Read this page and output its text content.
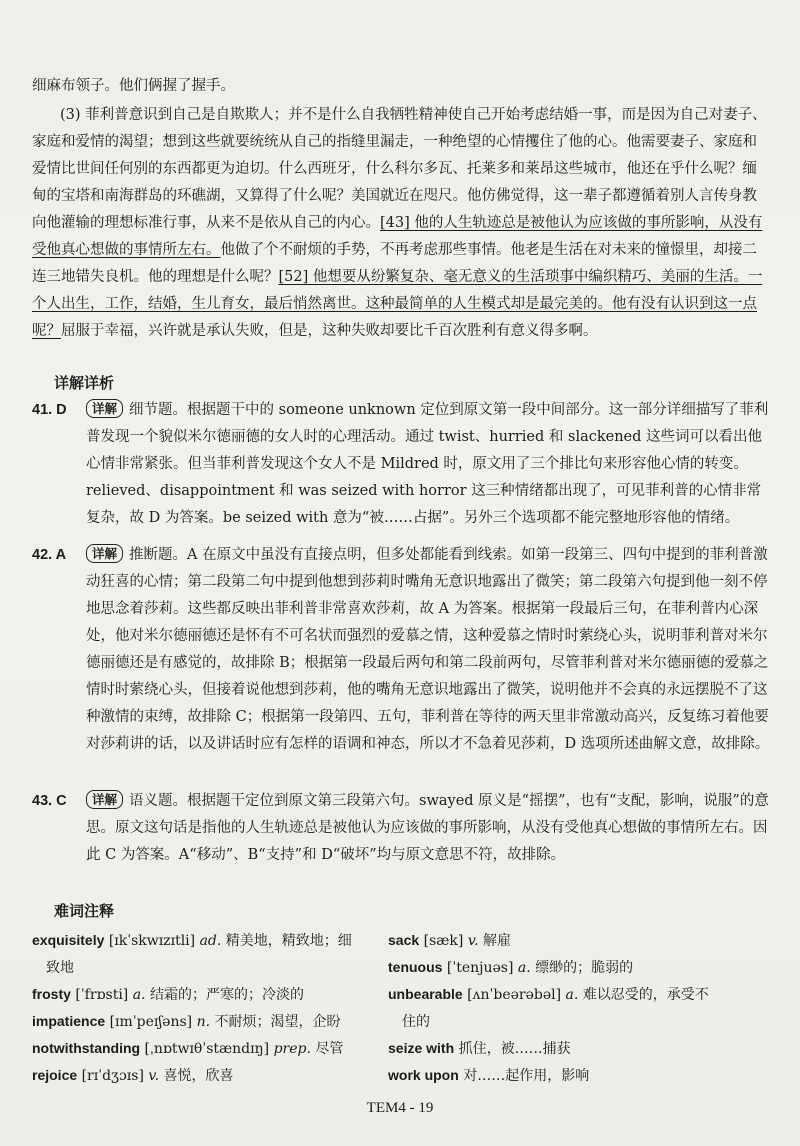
细麻布领子。他们俩握了握手。
(3) 菲利普意识到自己是自欺欺人；并不是什么自我牺牲精神使自己开始考虑结婚一事，而是因为自己对妻子、家庭和爱情的渴望；想到这些就要统统从自己的指缝里漏走，一种绝望的心情攫住了他的心。他需要妻子、家庭和爱情比世间任何别的东西都更为迫切。什么西班牙，什么科尔多瓦、托莱多和莱昂这些城市，他还在乎什么呢？缅甸的宝塔和南海群岛的环礁湖，又算得了什么呢？美国就近在咫尺。他仿佛觉得，这一辈子都遵循着别人言传身教向他灌输的理想标准行事，从来不是依从自己的内心。[43] 他的人生轨迹总是被他认为应该做的事所影响，从没有受他真心想做的事情所左右。他做了个不耐烦的手势，不再考虑那些事情。他老是生活在对未来的憧憬里，却接二连三地错失良机。他的理想是什么呢？[52] 他想要从纷繁复杂、毫无意义的生活琐事中编织精巧、美丽的生活。一个人出生，工作，结婚，生儿育女，最后悄然离世。这种最简单的人生模式却是最完美的。他有没有认识到这一点呢？屈服于幸福，兴许就是承认失败，但是，这种失败却要比千百次胜利有意义得多啊。
详解详析
41. D	详解 细节题。根据题干中的 someone unknown 定位到原文第一段中间部分。这一部分详细描写了菲利普发现一个貌似米尔德丽德的女人时的心理活动。通过 twist、hurried 和 slackened 这些词可以看出他心情非常紧张。但当菲利普发现这个女人不是 Mildred 时，原文用了三个排比句来形容他心情的转变。relieved、disappointment 和 was seized with horror 这三种情绪都出现了，可见菲利普的心情非常复杂，故 D 为答案。be seized with 意为“被……占据”。另外三个选项都不能完整地形容他的情绪。
42. A	详解 推断题。A 在原文中虽没有直接点明，但多处都能看到线索。如第一段第三、四句中提到的菲利普激动狂喜的心情；第二段第二句中提到他想到莎莉时嘴角无意识地露出了微笑；第二段第六句提到他一刻不停地思念着莎莉。这些都反映出菲利普非常喜欢莎莉，故 A 为答案。根据第一段最后三句，在菲利普内心深处，他对米尔德丽德还是怀有不可名状而强烈的爱慕之情，这种爱慕之情时时萦绕心头，说明菲利普对米尔德丽德还是有感觉的，故排除 B；根据第一段最后两句和第二段前两句，尽管菲利普对米尔德丽德的爱慕之情时时萦绕心头，但接着说他想到莎莉，他的嘴角无意识地露出了微笑，说明他并不会真的永远摆脱不了这种激情的束缚，故排除 C；根据第一段第四、五句，菲利普在等待的两天里非常激动高兴，反复练习着他要对莎莉讲的话，以及讲话时应有怎样的语调和神态，所以才不急着见莎莉，D 选项所述曲解文意，故排除。
43. C	详解 语义题。根据题干定位到原文第三段第六句。swayed 原义是“摇摆”，也有“支配，影响，说服”的意思。原文这句话是指他的人生轨迹总是被他认为应该做的事所影响，从没有受他真心想做的事情所左右。因此 C 为答案。A“移动”、B“支持”和 D“破坏”均与原文意思不符，故排除。
难词注释
exquisitely [ɪkˈskwɪzɪtli] ad. 精美地，精致地；细
致地
frosty [ˈfrɒsti] a. 结霜的；严寒的；冷淡的
impatience [ɪmˈpeɪʃəns] n. 不耐烦；渴望，企盼
notwithstanding [ˌnɒtwɪθˈstændɪŋ] prep. 尽管
rejoice [rɪˈdʒɔɪs] v. 喜悦，欣喜
sack [sæk] v. 解雇
tenuous [ˈtenjuəs] a. 缥缈的；脆弱的
unbearable [ʌnˈbeərəbəl] a. 难以忍受的，承受不
住的
seize with 抓住，被……捕获
work upon 对……起作用，影响
TEM4 - 19
